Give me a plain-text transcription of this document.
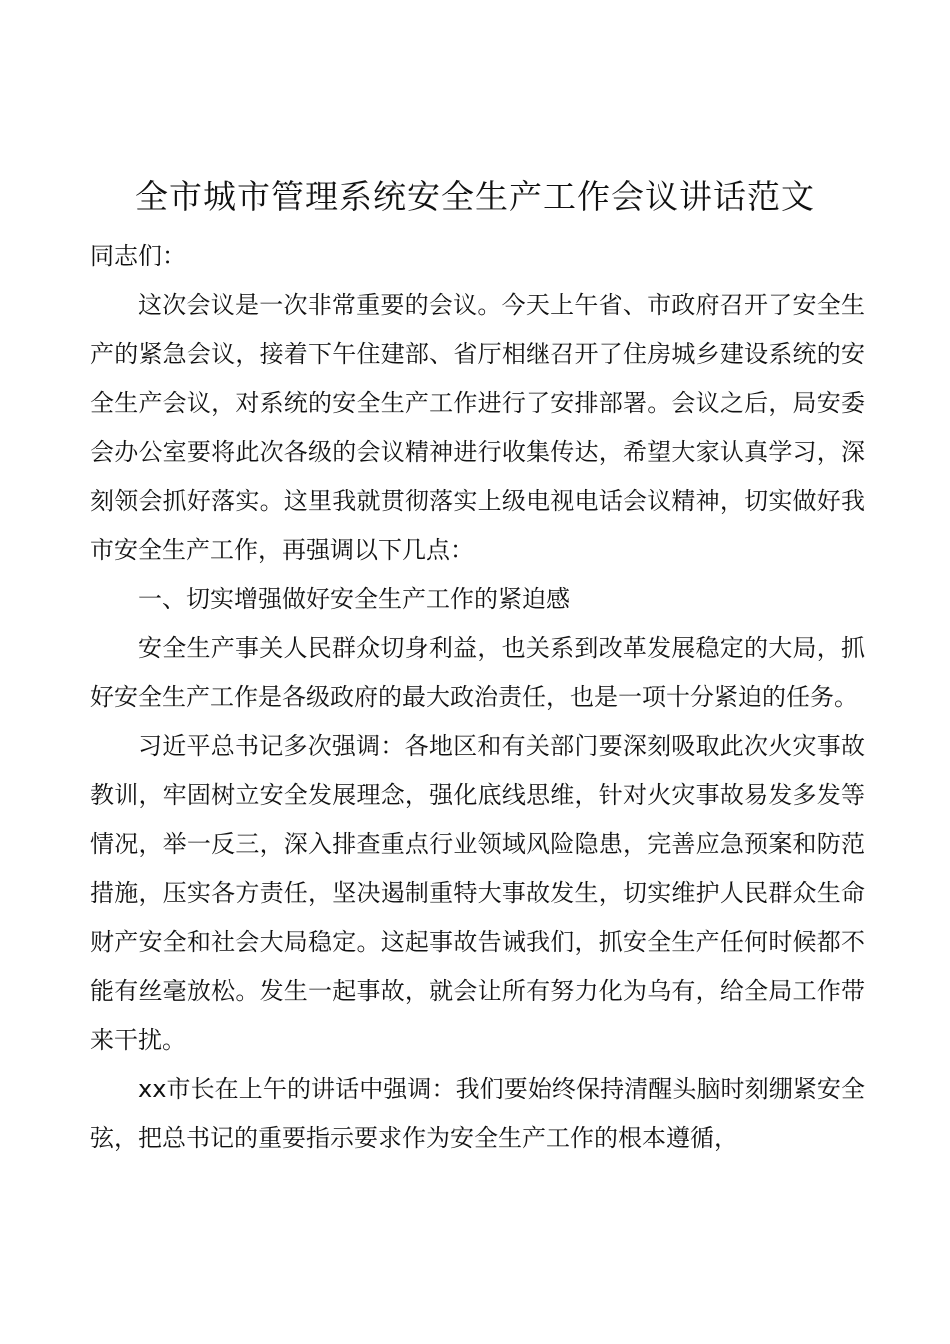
全市城市管理系统安全生产工作会议讲话范文

同志们：

这次会议是一次非常重要的会议。今天上午省、市政府召开了安全生产的紧急会议，接着下午住建部、省厅相继召开了住房城乡建设系统的安全生产会议，对系统的安全生产工作进行了安排部署。会议之后，局安委会办公室要将此次各级的会议精神进行收集传达，希望大家认真学习，深刻领会抓好落实。这里我就贯彻落实上级电视电话会议精神，切实做好我市安全生产工作，再强调以下几点：

一、切实增强做好安全生产工作的紧迫感

安全生产事关人民群众切身利益，也关系到改革发展稳定的大局，抓好安全生产工作是各级政府的最大政治责任，也是一项十分紧迫的任务。

习近平总书记多次强调：各地区和有关部门要深刻吸取此次火灾事故教训，牢固树立安全发展理念，强化底线思维，针对火灾事故易发多发等情况，举一反三，深入排查重点行业领域风险隐患，完善应急预案和防范措施，压实各方责任，坚决遏制重特大事故发生，切实维护人民群众生命财产安全和社会大局稳定。这起事故告诫我们，抓安全生产任何时候都不能有丝毫放松。发生一起事故，就会让所有努力化为乌有，给全局工作带来干扰。

xx市长在上午的讲话中强调：我们要始终保持清醒头脑时刻绷紧安全弦，把总书记的重要指示要求作为安全生产工作的根本遵循，
